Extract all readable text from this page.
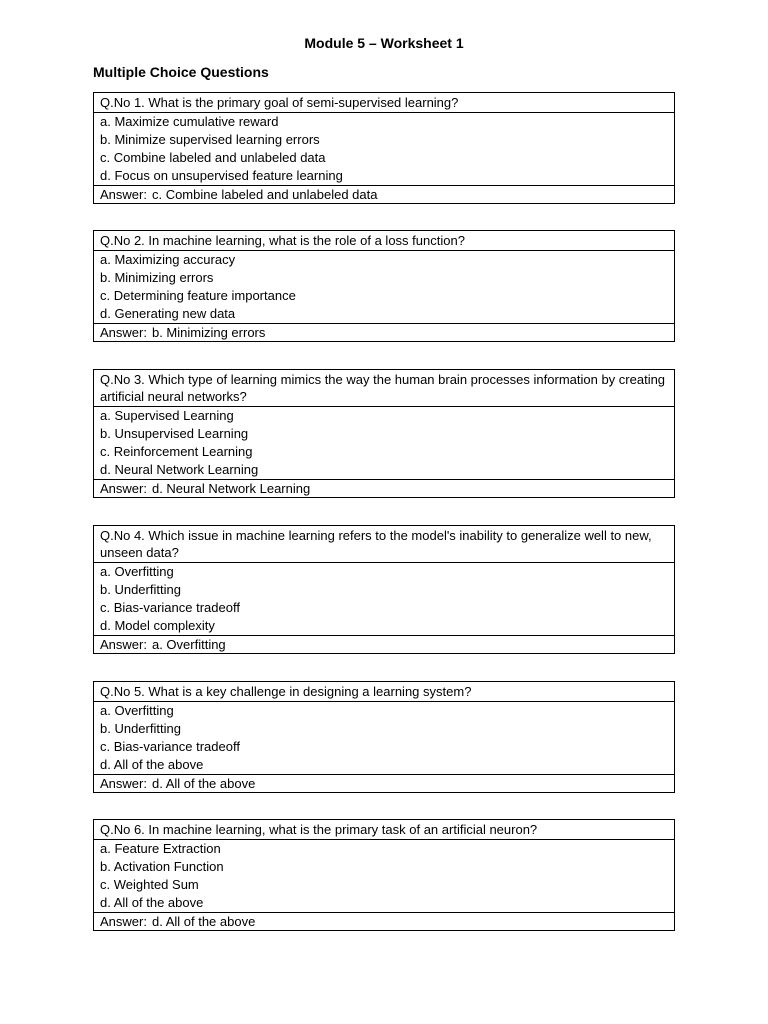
Module 5 – Worksheet 1
Multiple Choice Questions
Q.No 1. What is the primary goal of semi-supervised learning?
a. Maximize cumulative reward
b. Minimize supervised learning errors
c. Combine labeled and unlabeled data
d. Focus on unsupervised feature learning
Answer: c. Combine labeled and unlabeled data
Q.No 2. In machine learning, what is the role of a loss function?
a. Maximizing accuracy
b. Minimizing errors
c. Determining feature importance
d. Generating new data
Answer: b. Minimizing errors
Q.No 3. Which type of learning mimics the way the human brain processes information by creating artificial neural networks?
a. Supervised Learning
b. Unsupervised Learning
c. Reinforcement Learning
d. Neural Network Learning
Answer: d. Neural Network Learning
Q.No 4. Which issue in machine learning refers to the model's inability to generalize well to new, unseen data?
a. Overfitting
b. Underfitting
c. Bias-variance tradeoff
d. Model complexity
Answer: a. Overfitting
Q.No 5. What is a key challenge in designing a learning system?
a. Overfitting
b. Underfitting
c. Bias-variance tradeoff
d. All of the above
Answer: d. All of the above
Q.No 6. In machine learning, what is the primary task of an artificial neuron?
a. Feature Extraction
b. Activation Function
c. Weighted Sum
d. All of the above
Answer: d. All of the above
